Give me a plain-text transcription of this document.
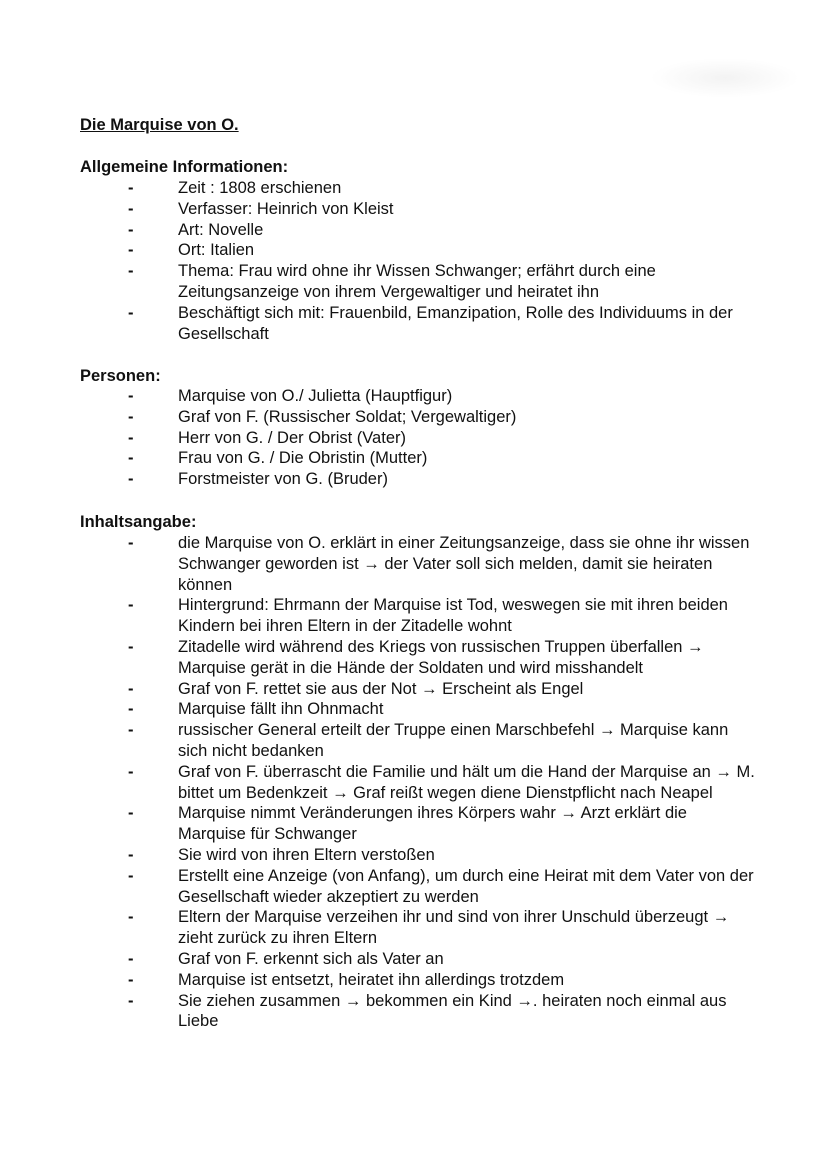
Die Marquise von O.
Allgemeine Informationen:
-	Zeit : 1808 erschienen
-	Verfasser: Heinrich von Kleist
-	Art: Novelle
-	Ort: Italien
-	Thema: Frau wird ohne ihr Wissen Schwanger; erfährt durch eine Zeitungsanzeige von ihrem Vergewaltiger und heiratet ihn
-	Beschäftigt sich mit: Frauenbild, Emanzipation, Rolle des Individuums in der Gesellschaft
Personen:
-	Marquise von O./ Julietta (Hauptfigur)
-	Graf von F. (Russischer Soldat; Vergewaltiger)
-	Herr von G. / Der Obrist (Vater)
-	Frau von G. / Die Obristin (Mutter)
-	Forstmeister von G. (Bruder)
Inhaltsangabe:
-	die Marquise von O. erklärt in einer Zeitungsanzeige, dass sie ohne ihr wissen Schwanger geworden ist → der Vater soll sich melden, damit sie heiraten können
-	Hintergrund: Ehrmann der Marquise ist Tod, weswegen sie mit ihren beiden Kindern bei ihren Eltern in der Zitadelle wohnt
-	Zitadelle wird während des Kriegs von russischen Truppen überfallen → Marquise gerät in die Hände der Soldaten und wird misshandelt
-	Graf von F. rettet sie aus der Not → Erscheint als Engel
-	Marquise fällt ihn Ohnmacht
-	russischer General erteilt der Truppe einen Marschbefehl → Marquise kann sich nicht bedanken
-	Graf von F. überrascht die Familie und hält um die Hand der Marquise an → M. bittet um Bedenkzeit → Graf reißt wegen diene Dienstpflicht nach Neapel
-	Marquise nimmt Veränderungen ihres Körpers wahr → Arzt erklärt die Marquise für Schwanger
-	Sie wird von ihren Eltern verstoßen
-	Erstellt eine Anzeige (von Anfang), um durch eine Heirat mit dem Vater von der Gesellschaft wieder akzeptiert zu werden
-	Eltern der Marquise verzeihen ihr und sind von ihrer Unschuld überzeugt → zieht zurück zu ihren Eltern
-	Graf von F. erkennt sich als Vater an
-	Marquise ist entsetzt, heiratet ihn allerdings trotzdem
-	Sie ziehen zusammen → bekommen ein Kind →. heiraten noch einmal aus Liebe
